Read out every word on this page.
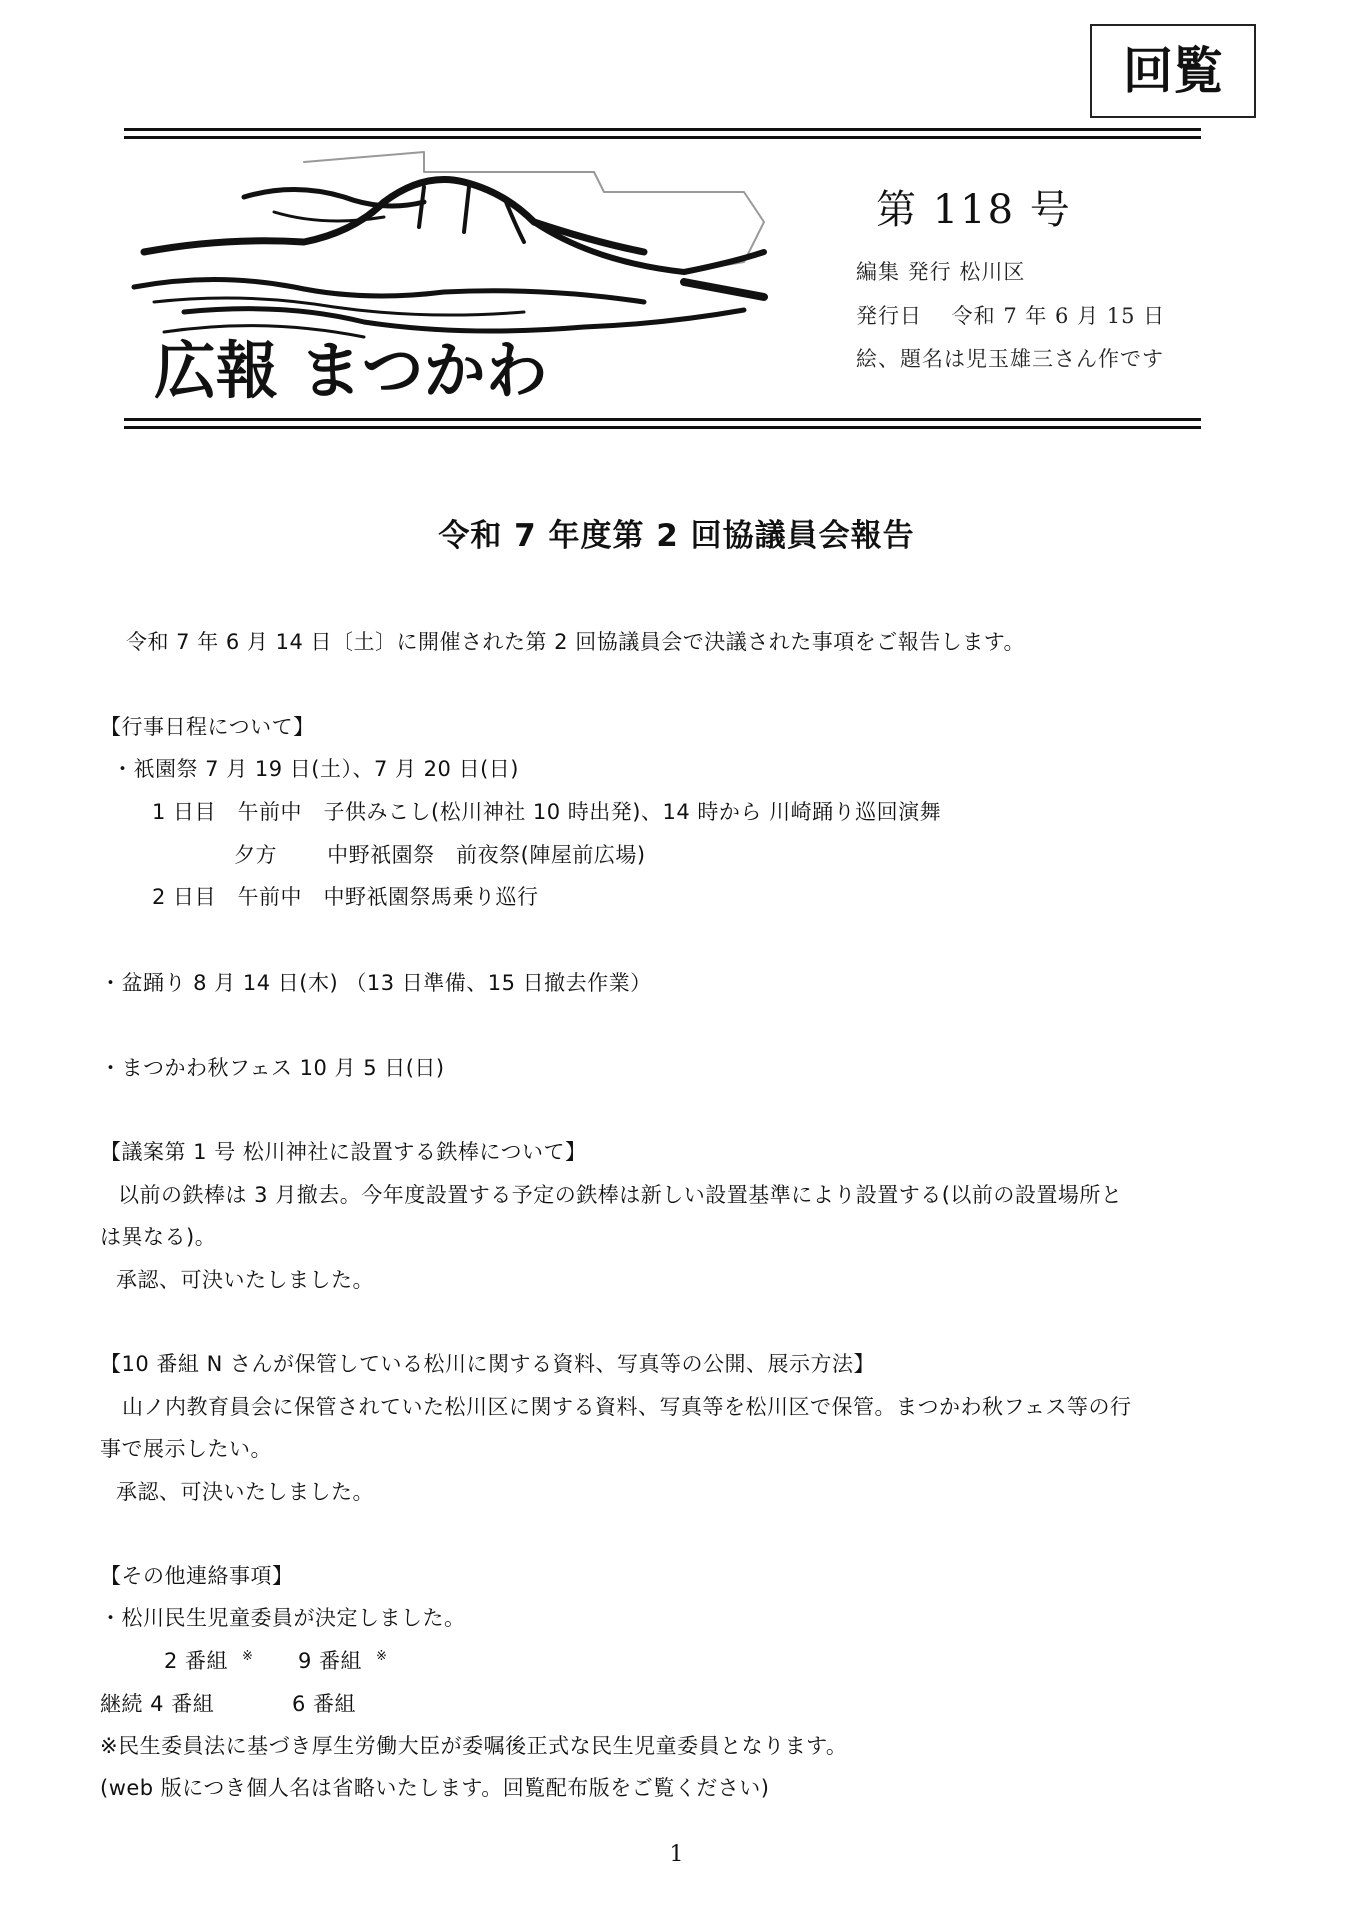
回覧
広報 まつかわ
第 118 号
編集 発行 松川区
発行日　 令和 7 年 6 月 15 日
絵、題名は児玉雄三さん作です
令和 7 年度第 2 回協議員会報告
令和 7 年 6 月 14 日〔土〕に開催された第 2 回協議員会で決議された事項をご報告します。
【行事日程について】
・祇園祭 7 月 19 日(土）、7 月 20 日(日)
1 日目　午前中　子供みこし(松川神社 10 時出発)、14 時から 川崎踊り巡回演舞
夕方　　 中野祇園祭　前夜祭(陣屋前広場)
2 日目　午前中　中野祇園祭馬乗り巡行
・盆踊り 8 月 14 日(木) （13 日準備、15 日撤去作業）
・まつかわ秋フェス 10 月 5 日(日)
【議案第 1 号 松川神社に設置する鉄棒について】
以前の鉄棒は 3 月撤去。今年度設置する予定の鉄棒は新しい設置基準により設置する(以前の設置場所と
は異なる)。
承認、可決いたしました。
【10 番組 N さんが保管している松川に関する資料、写真等の公開、展示方法】
山ノ内教育員会に保管されていた松川区に関する資料、写真等を松川区で保管。まつかわ秋フェス等の行
事で展示したい。
承認、可決いたしました。
【その他連絡事項】
・松川民生児童委員が決定しました。
2 番組 ※ 9 番組 ※
継続 4 番組	6 番組
※民生委員法に基づき厚生労働大臣が委嘱後正式な民生児童委員となります。
(web 版につき個人名は省略いたします。回覧配布版をご覧ください)
1
